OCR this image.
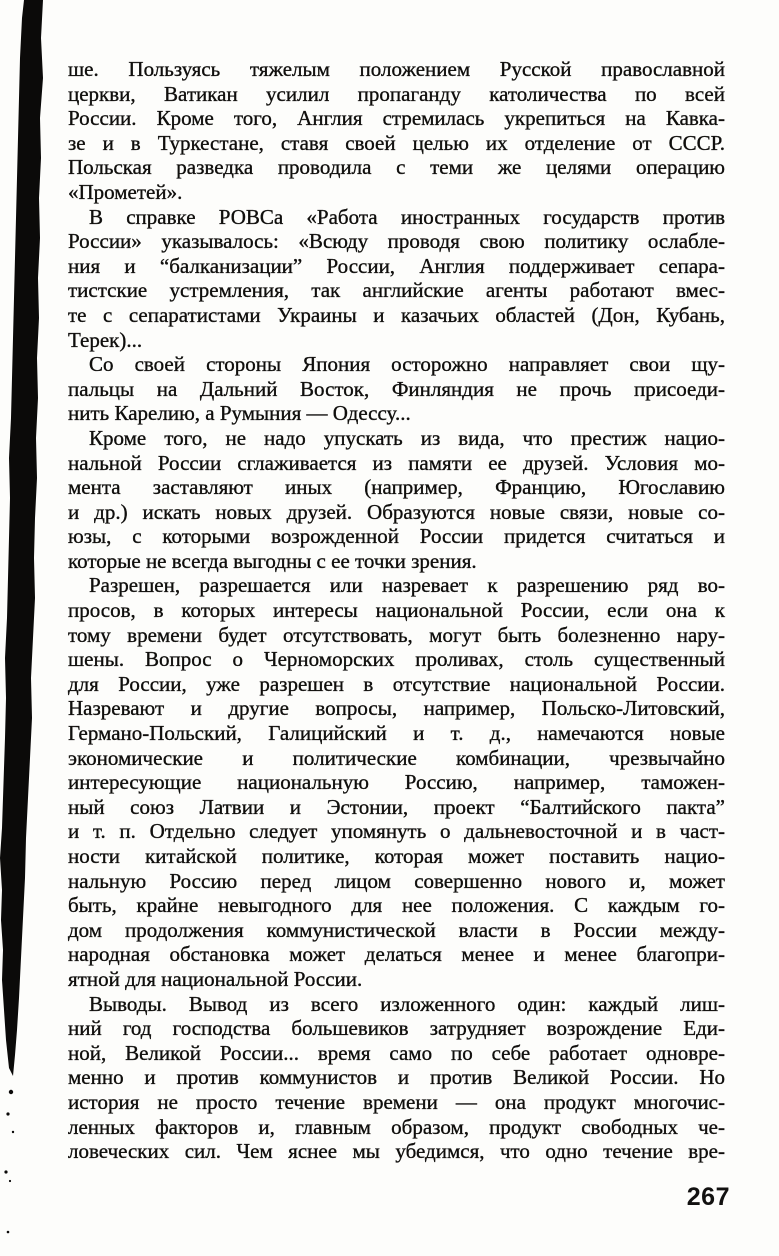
ше. Пользуясь тяжелым положением Русской православной
церкви, Ватикан усилил пропаганду католичества по всей
России. Кроме того, Англия стремилась укрепиться на Кавка-
зе и в Туркестане, ставя своей целью их отделение от СССР.
Польская разведка проводила с теми же целями операцию
«Прометей».
В справке РОВСа «Работа иностранных государств против
России» указывалось: «Всюду проводя свою политику ослабле-
ния и “балканизации” России, Англия поддерживает сепара-
тистские устремления, так английские агенты работают вмес-
те с сепаратистами Украины и казачьих областей (Дон, Кубань,
Терек)...
Со своей стороны Япония осторожно направляет свои щу-
пальцы на Дальний Восток, Финляндия не прочь присоеди-
нить Карелию, а Румыния — Одессу...
Кроме того, не надо упускать из вида, что престиж нацио-
нальной России сглаживается из памяти ее друзей. Условия мо-
мента заставляют иных (например, Францию, Югославию
и др.) искать новых друзей. Образуются новые связи, новые со-
юзы, с которыми возрожденной России придется считаться и
которые не всегда выгодны с ее точки зрения.
Разрешен, разрешается или назревает к разрешению ряд во-
просов, в которых интересы национальной России, если она к
тому времени будет отсутствовать, могут быть болезненно нару-
шены. Вопрос о Черноморских проливах, столь существенный
для России, уже разрешен в отсутствие национальной России.
Назревают и другие вопросы, например, Польско-Литовский,
Германо-Польский, Галицийский и т. д., намечаются новые
экономические и политические комбинации, чрезвычайно
интересующие национальную Россию, например, таможен-
ный союз Латвии и Эстонии, проект “Балтийского пакта”
и т. п. Отдельно следует упомянуть о дальневосточной и в част-
ности китайской политике, которая может поставить нацио-
нальную Россию перед лицом совершенно нового и, может
быть, крайне невыгодного для нее положения. С каждым го-
дом продолжения коммунистической власти в России между-
народная обстановка может делаться менее и менее благопри-
ятной для национальной России.
Выводы. Вывод из всего изложенного один: каждый лиш-
ний год господства большевиков затрудняет возрождение Еди-
ной, Великой России... время само по себе работает одновре-
менно и против коммунистов и против Великой России. Но
история не просто течение времени — она продукт многочис-
ленных факторов и, главным образом, продукт свободных че-
ловеческих сил. Чем яснее мы убедимся, что одно течение вре-
267
